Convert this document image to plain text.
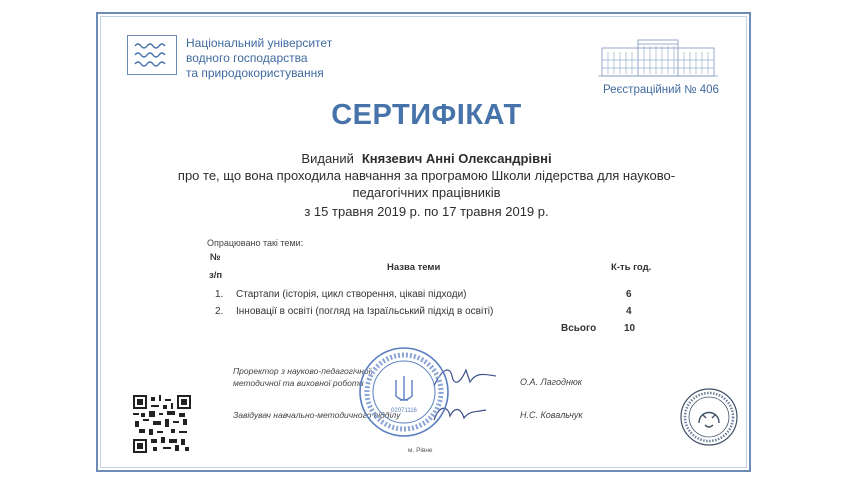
Національний університет
водного господарства
та природокористування
Реєстраційний № 406
СЕРТИФІКАТ
Виданий Князевич Анні Олександрівні
про те, що вона проходила навчання за програмою Школи лідерства для науково-
педагогічних працівників
з 15 травня 2019 р. по 17 травня 2019 р.
Опрацювано такі теми:
№
з/п
Назва теми	К-ть год.
1. Стартапи (історія, цикл створення, цікаві підходи)	6
2. Інновації в освіті (погляд на Ізраїльський підхід в освіті)	4
Всього	10
Проректор з науково-педагогічної,
методичної та виховної роботи	О.А. Лагоднюк
Завідувач навчально-методичного відділу	Н.С. Ковальчук
02071116
м. Рівне
